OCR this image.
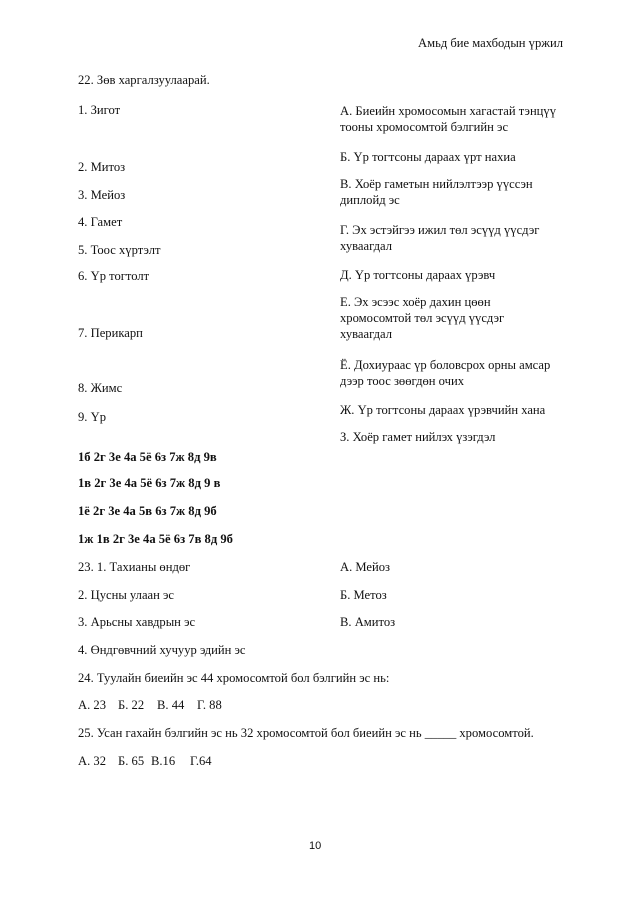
Амьд бие махбодын үржил
22. Зөв харгалзуулаарай.
1. Зигот
2. Митоз
3. Мейоз
4. Гамет
5. Тоос хүртэлт
6. Үр тогтолт
7. Перикарп
8. Жимс
9. Үр
А. Биеийн хромосомын хагастай тэнцүү тооны хромосомтой бэлгийн эс
Б. Үр тогтсоны дараах үрт нахиа
В. Хоёр гаметын нийлэлтээр үүссэн диплойд эс
Г. Эх эстэйгээ ижил төл эсүүд үүсдэг хуваагдал
Д. Үр тогтсоны дараах үрэвч
Е. Эх эсээс хоёр дахин цөөн хромосомтой төл эсүүд үүсдэг хуваагдал
Ё. Дохиураас үр боловсрох орны амсар дээр тоос зөөгдөн очих
Ж. Үр тогтсоны дараах үрэвчийн хана
З. Хоёр гамет нийлэх үзэгдэл
1б 2г 3е 4а 5ё 6з 7ж 8д 9в
1в 2г 3е 4а 5ё 6з 7ж 8д 9 в
1ё 2г 3е 4а 5в 6з 7ж 8д 9б
1ж 1в 2г 3е 4а 5ё 6з 7в 8д 9б
23. 1. Тахианы өндөг
2. Цусны улаан эс
3. Арьсны хавдрын эс
4. Өндгөвчний хучуур эдийн эс
А. Мейоз
Б. Метоз
В. Амитоз
24. Туулайн биеийн эс 44 хромосомтой бол бэлгийн эс нь:
А. 23 Б. 22 В. 44 Г. 88
25. Усан гахайн бэлгийн эс нь 32 хромосомтой бол биеийн эс нь _____ хромосомтой.
А. 32 Б. 65 В.16 Г.64
10
